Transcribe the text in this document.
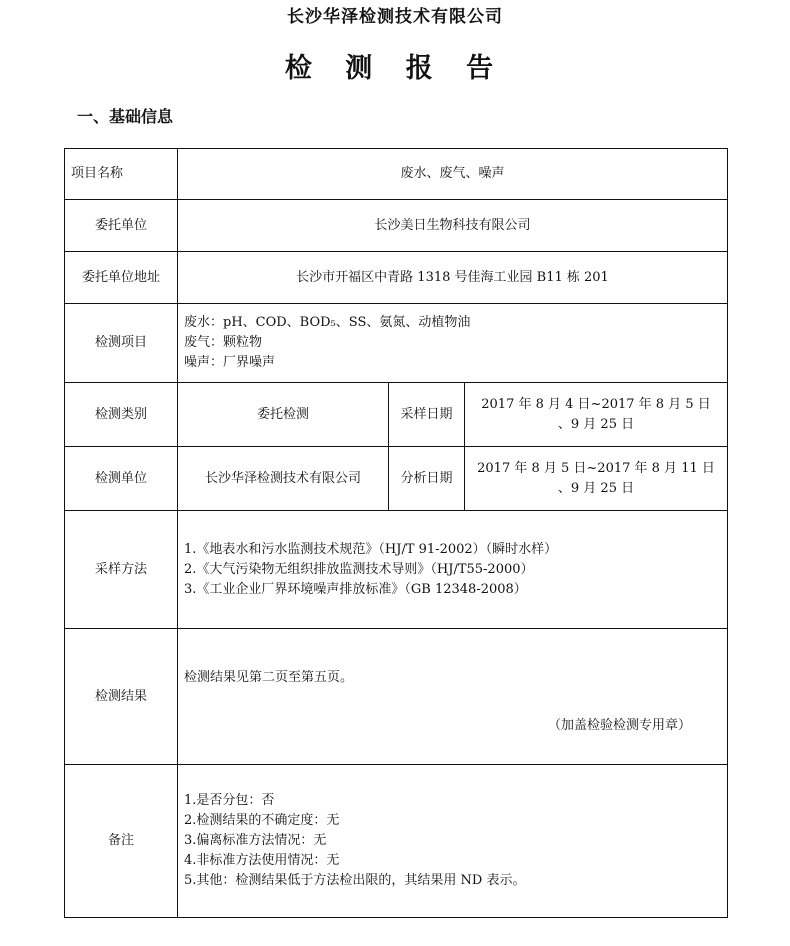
长沙华泽检测技术有限公司
检 测 报 告
一、基础信息
项目名称	废水、废气、噪声		
委托单位	长沙美日生物科技有限公司		
委托单位地址	长沙市开福区中青路 1318 号佳海工业园 B11 栋 201		
检测项目	废水：pH、COD、BOD₅、SS、氨氮、动植物油
废气：颗粒物
噪声：厂界噪声		

检测类别	委托检测	采样日期	2017 年 8 月 4 日~2017 年 8 月 5 日
、9 月 25 日

检测单位	长沙华泽检测技术有限公司	分析日期	2017 年 8 月 5 日~2017 年 8 月 11 日
、9 月 25 日

采样方法	1.《地表水和污水监测技术规范》（HJ/T 91-2002）（瞬时水样）
2.《大气污染物无组织排放监测技术导则》（HJ/T55-2000）
3.《工业企业厂界环境噪声排放标准》（GB 12348-2008）		

检测结果	检测结果见第二页至第五页。
（加盖检验检测专用章）		

备注	1.是否分包：否
2.检测结果的不确定度：无
3.偏离标准方法情况：无
4.非标准方法使用情况：无
5.其他：检测结果低于方法检出限的，其结果用 ND 表示。		
